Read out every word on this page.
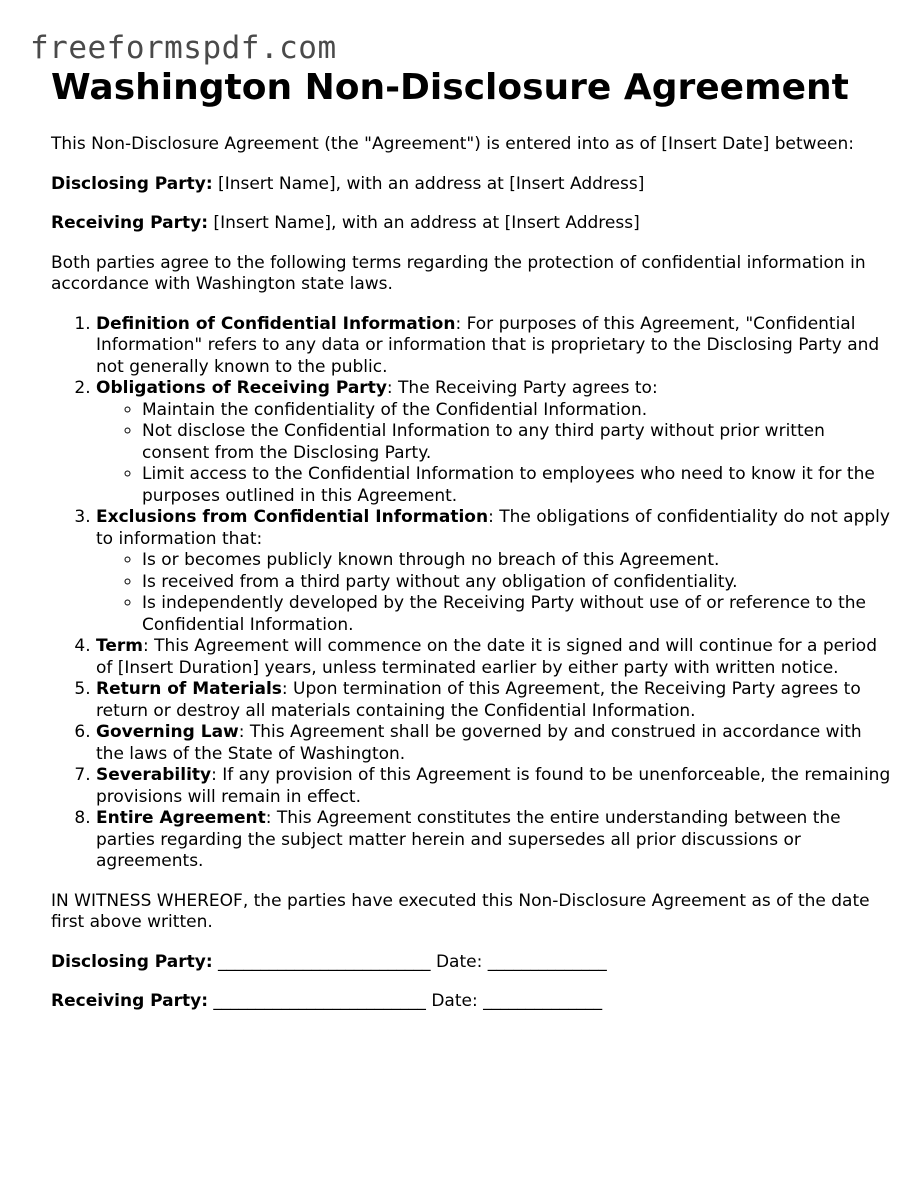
freeformspdf.com
Washington Non-Disclosure Agreement

This Non-Disclosure Agreement (the "Agreement") is entered into as of [Insert Date] between:

Disclosing Party: [Insert Name], with an address at [Insert Address]

Receiving Party: [Insert Name], with an address at [Insert Address]

Both parties agree to the following terms regarding the protection of confidential information in accordance with Washington state laws.

1. Definition of Confidential Information: For purposes of this Agreement, "Confidential Information" refers to any data or information that is proprietary to the Disclosing Party and not generally known to the public.
2. Obligations of Receiving Party: The Receiving Party agrees to:
◦ Maintain the confidentiality of the Confidential Information.
◦ Not disclose the Confidential Information to any third party without prior written consent from the Disclosing Party.
◦ Limit access to the Confidential Information to employees who need to know it for the purposes outlined in this Agreement.
3. Exclusions from Confidential Information: The obligations of confidentiality do not apply to information that:
◦ Is or becomes publicly known through no breach of this Agreement.
◦ Is received from a third party without any obligation of confidentiality.
◦ Is independently developed by the Receiving Party without use of or reference to the Confidential Information.
4. Term: This Agreement will commence on the date it is signed and will continue for a period of [Insert Duration] years, unless terminated earlier by either party with written notice.
5. Return of Materials: Upon termination of this Agreement, the Receiving Party agrees to return or destroy all materials containing the Confidential Information.
6. Governing Law: This Agreement shall be governed by and construed in accordance with the laws of the State of Washington.
7. Severability: If any provision of this Agreement is found to be unenforceable, the remaining provisions will remain in effect.
8. Entire Agreement: This Agreement constitutes the entire understanding between the parties regarding the subject matter herein and supersedes all prior discussions or agreements.

IN WITNESS WHEREOF, the parties have executed this Non-Disclosure Agreement as of the date first above written.

Disclosing Party: _________________________ Date: ______________

Receiving Party: _________________________ Date: ______________
